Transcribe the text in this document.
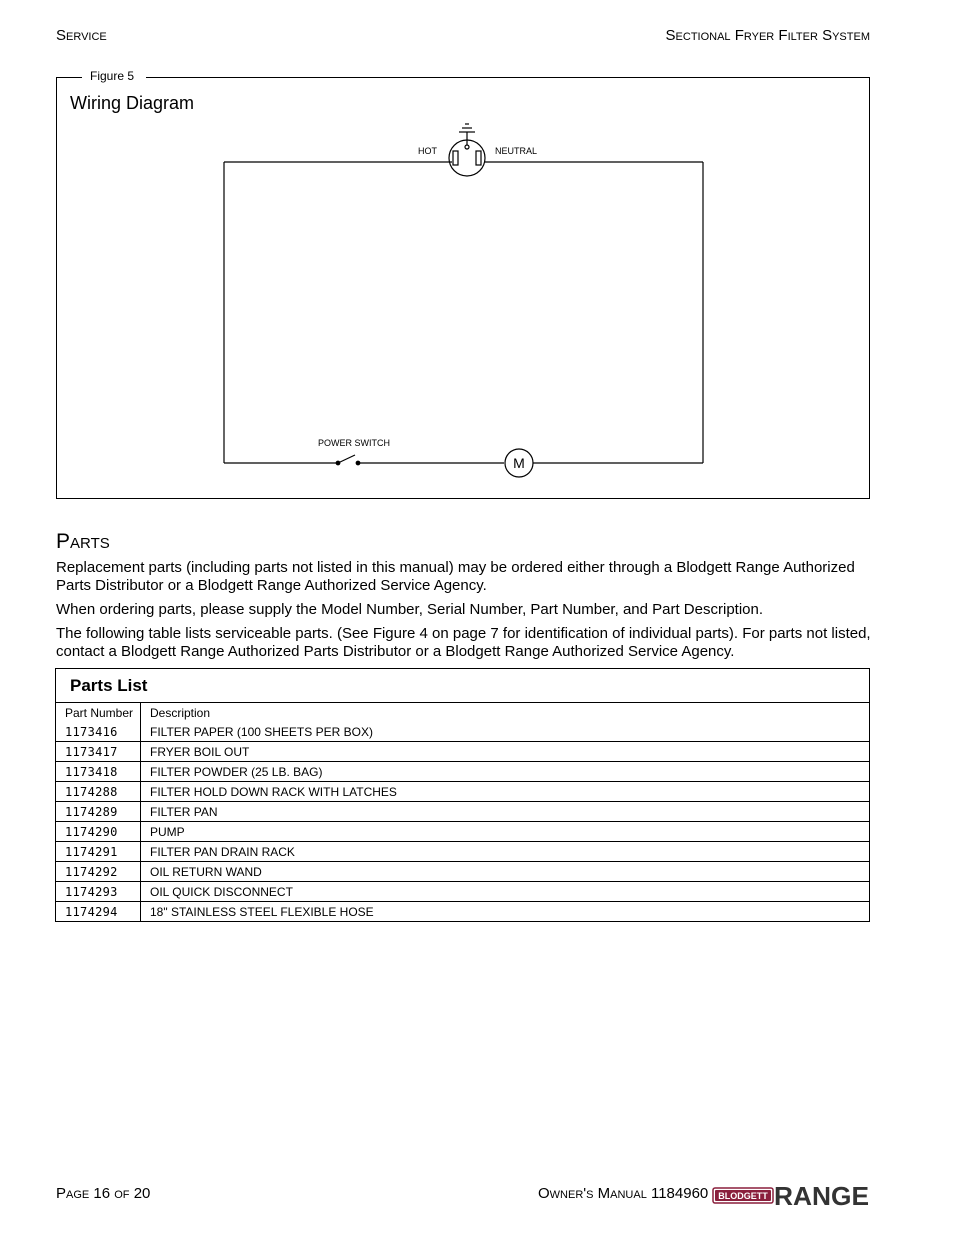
Service	Sectional Fryer Filter System
Figure 5
Wiring Diagram
HOT	NEUTRAL
POWER SWITCH
M
Parts
Replacement parts (including parts not listed in this manual) may be ordered either through a Blodgett Range Authorized Parts Distributor or a Blodgett Range Authorized Service Agency.
When ordering parts, please supply the Model Number, Serial Number, Part Number, and Part Description.
The following table lists serviceable parts. (See Figure 4 on page 7 for identification of individual parts). For parts not listed, contact a Blodgett Range Authorized Parts Distributor or a Blodgett Range Authorized Service Agency.
Parts List
Part Number	Description
1173416	FILTER PAPER (100 SHEETS PER BOX)
1173417	FRYER BOIL OUT
1173418	FILTER POWDER (25 LB. BAG)
1174288	FILTER HOLD DOWN RACK WITH LATCHES
1174289	FILTER PAN
1174290	PUMP
1174291	FILTER PAN DRAIN RACK
1174292	OIL RETURN WAND
1174293	OIL QUICK DISCONNECT
1174294	18" STAINLESS STEEL FLEXIBLE HOSE
Page 16 of 20	Owner's Manual 1184960 BLODGETT RANGE
